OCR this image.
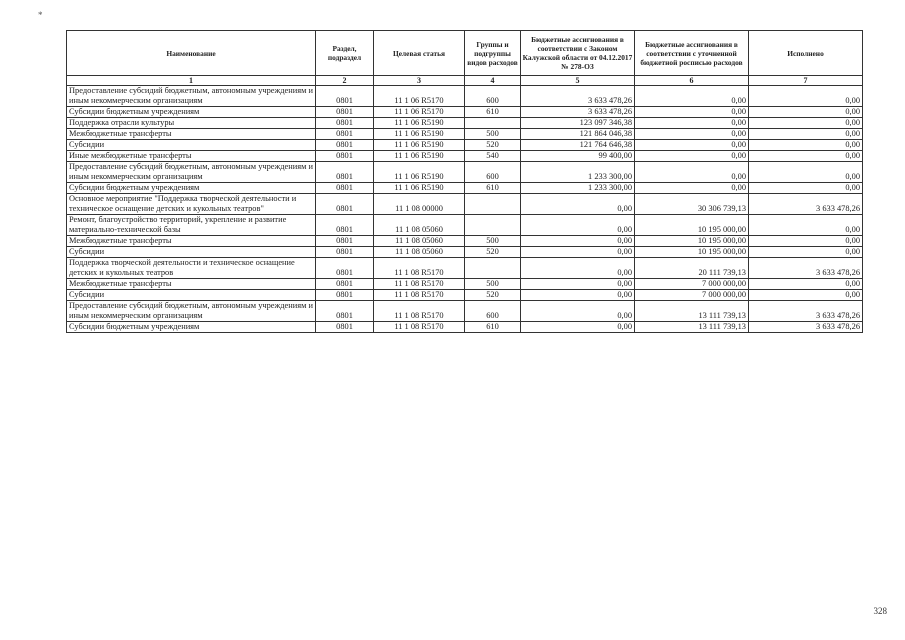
*
Наименование	Раздел, подраздел	Целевая статья	Группы и подгруппы видов расходов	Бюджетные ассигнования в соответствии с Законом Калужской области от 04.12.2017 № 278-ОЗ	Бюджетные ассигнования в соответствии с уточненной бюджетной росписью расходов	Исполнено
1	2	3	4	5	6	7
Предоставление субсидий бюджетным, автономным учреждениям и иным некоммерческим организациям	0801	11 1 06 R5170	600	3 633 478,26	0,00	0,00
Субсидии бюджетным учреждениям	0801	11 1 06 R5170	610	3 633 478,26	0,00	0,00
Поддержка отрасли культуры	0801	11 1 06 R5190		123 097 346,38	0,00	0,00
Межбюджетные трансферты	0801	11 1 06 R5190	500	121 864 046,38	0,00	0,00
Субсидии	0801	11 1 06 R5190	520	121 764 646,38	0,00	0,00
Иные межбюджетные трансферты	0801	11 1 06 R5190	540	99 400,00	0,00	0,00
Предоставление субсидий бюджетным, автономным учреждениям и иным некоммерческим организациям	0801	11 1 06 R5190	600	1 233 300,00	0,00	0,00
Субсидии бюджетным учреждениям	0801	11 1 06 R5190	610	1 233 300,00	0,00	0,00
Основное мероприятие "Поддержка творческой деятельности и техническое оснащение детских и кукольных театров"	0801	11 1 08 00000		0,00	30 306 739,13	3 633 478,26
Ремонт, благоустройство территорий, укрепление и развитие материально-технической базы	0801	11 1 08 05060		0,00	10 195 000,00	0,00
Межбюджетные трансферты	0801	11 1 08 05060	500	0,00	10 195 000,00	0,00
Субсидии	0801	11 1 08 05060	520	0,00	10 195 000,00	0,00
Поддержка творческой деятельности и техническое оснащение детских и кукольных театров	0801	11 1 08 R5170		0,00	20 111 739,13	3 633 478,26
Межбюджетные трансферты	0801	11 1 08 R5170	500	0,00	7 000 000,00	0,00
Субсидии	0801	11 1 08 R5170	520	0,00	7 000 000,00	0,00
Предоставление субсидий бюджетным, автономным учреждениям и иным некоммерческим организациям	0801	11 1 08 R5170	600	0,00	13 111 739,13	3 633 478,26
Субсидии бюджетным учреждениям	0801	11 1 08 R5170	610	0,00	13 111 739,13	3 633 478,26
328
